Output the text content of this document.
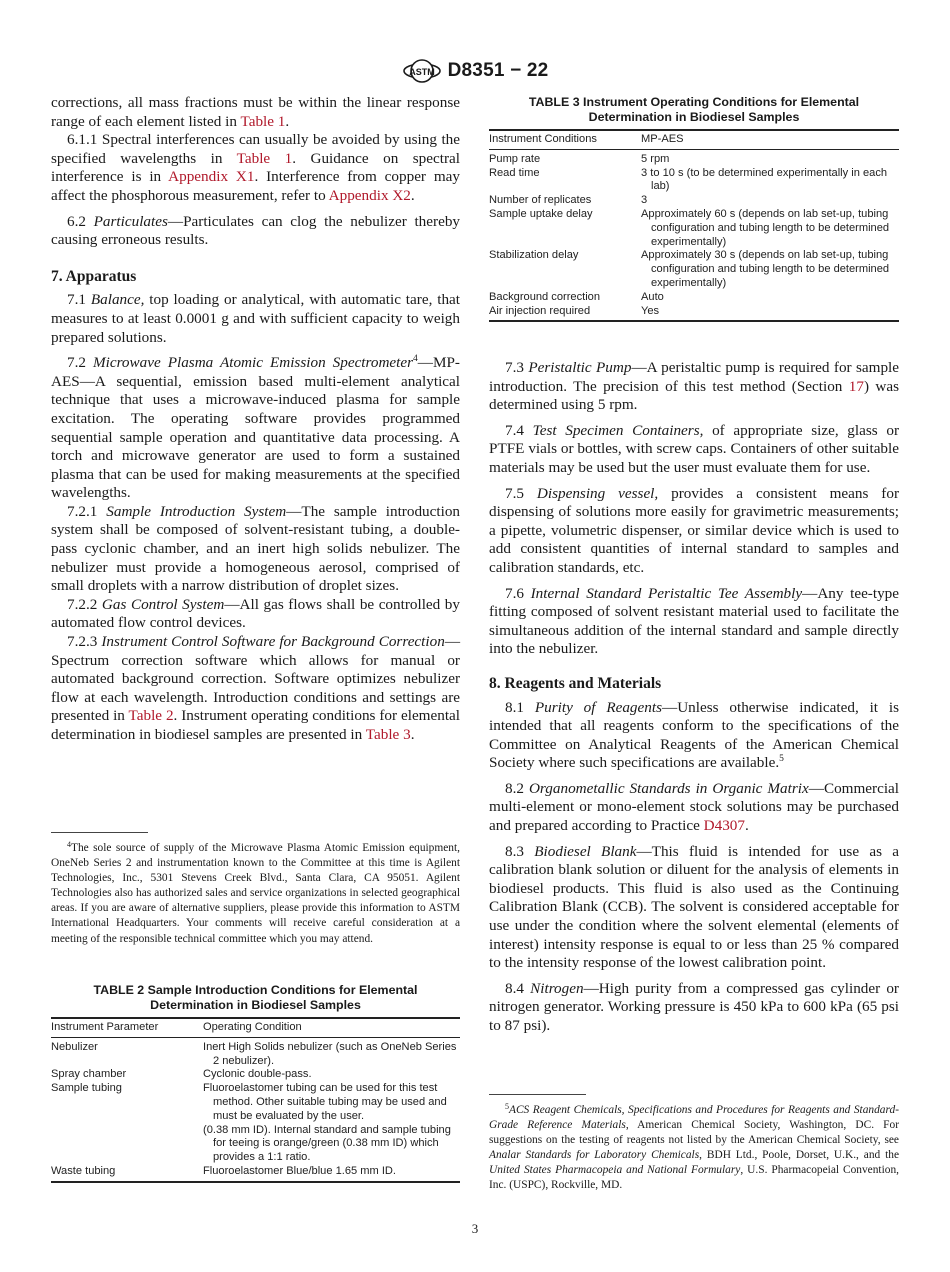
ASTM D8351 − 22

corrections, all mass fractions must be within the linear response range of each element listed in Table 1.

6.1.1 Spectral interferences can usually be avoided by using the specified wavelengths in Table 1. Guidance on spectral interference is in Appendix X1. Interference from copper may affect the phosphorous measurement, refer to Appendix X2.

6.2 Particulates—Particulates can clog the nebulizer thereby causing erroneous results.

7. Apparatus

7.1 Balance, top loading or analytical, with automatic tare, that measures to at least 0.0001 g and with sufficient capacity to weigh prepared solutions.

7.2 Microwave Plasma Atomic Emission Spectrometer$^4$—MP-AES—A sequential, emission based multi-element analytical technique that uses a microwave-induced plasma for sample excitation. The operating software provides programmed sequential sample operation and quantitative data processing. A torch and microwave generator are used to form a sustained plasma that can be used for making measurements at the specified wavelengths.

7.2.1 Sample Introduction System—The sample introduction system shall be composed of solvent-resistant tubing, a double-pass cyclonic chamber, and an inert high solids nebulizer. The nebulizer must provide a homogeneous aerosol, comprised of small droplets with a narrow distribution of droplet sizes.

7.2.2 Gas Control System—All gas flows shall be controlled by automated flow control devices.

7.2.3 Instrument Control Software for Background Correction—Spectrum correction software which allows for manual or automated background correction. Software optimizes nebulizer flow at each wavelength. Introduction conditions and settings are presented in Table 2. Instrument operating conditions for elemental determination in biodiesel samples are presented in Table 3.

$^4$The sole source of supply of the Microwave Plasma Atomic Emission equipment, OneNeb Series 2 and instrumentation known to the Committee at this time is Agilent Technologies, Inc., 5301 Stevens Creek Blvd., Santa Clara, CA 95051. Agilent Technologies also has authorized sales and service organizations in selected geographical areas. If you are aware of alternative suppliers, please provide this information to ASTM International Headquarters. Your comments will receive careful consideration at a meeting of the responsible technical committee which you may attend.

TABLE 2 Sample Introduction Conditions for Elemental Determination in Biodiesel Samples
Instrument Parameter	Operating Condition
Nebulizer	Inert High Solids nebulizer (such as OneNeb Series 2 nebulizer).

Spray chamber	Cyclonic double-pass.

Sample tubing	Fluoroelastomer tubing can be used for this test method. Other suitable tubing may be used and must be evaluated by the user.
(0.38 mm ID). Internal standard and sample tubing for teeing is orange/green (0.38 mm ID) which provides a 1:1 ratio.

Waste tubing	Fluoroelastomer Blue/blue 1.65 mm ID.

TABLE 3 Instrument Operating Conditions for Elemental Determination in Biodiesel Samples
Instrument Conditions	MP-AES
Pump rate	5 rpm

Read time	3 to 10 s (to be determined experimentally in each lab)

Number of replicates	3

Sample uptake delay	Approximately 60 s (depends on lab set-up, tubing configuration and tubing length to be determined experimentally)

Stabilization delay	Approximately 30 s (depends on lab set-up, tubing configuration and tubing length to be determined experimentally)

Background correction	Auto

Air injection required	Yes

7.3 Peristaltic Pump—A peristaltic pump is required for sample introduction. The precision of this test method (Section 17) was determined using 5 rpm.

7.4 Test Specimen Containers, of appropriate size, glass or PTFE vials or bottles, with screw caps. Containers of other suitable materials may be used but the user must evaluate them for use.

7.5 Dispensing vessel, provides a consistent means for dispensing of solutions more easily for gravimetric measurements; a pipette, volumetric dispenser, or similar device which is used to add consistent quantities of internal standard to samples and calibration standards, etc.

7.6 Internal Standard Peristaltic Tee Assembly—Any tee-type fitting composed of solvent resistant material used to facilitate the simultaneous addition of the internal standard and sample directly into the nebulizer.

8. Reagents and Materials

8.1 Purity of Reagents—Unless otherwise indicated, it is intended that all reagents conform to the specifications of the Committee on Analytical Reagents of the American Chemical Society where such specifications are available.$^5$

8.2 Organometallic Standards in Organic Matrix—Commercial multi-element or mono-element stock solutions may be purchased and prepared according to Practice D4307.

8.3 Biodiesel Blank—This fluid is intended for use as a calibration blank solution or diluent for the analysis of elements in biodiesel products. This fluid is also used as the Continuing Calibration Blank (CCB). The solvent is considered acceptable for use under the condition where the solvent elemental (elements of interest) intensity response is equal to or less than 25 % compared to the intensity response of the lowest calibration point.

8.4 Nitrogen—High purity from a compressed gas cylinder or nitrogen generator. Working pressure is 450 kPa to 600 kPa (65 psi to 87 psi).

$^5$ACS Reagent Chemicals, Specifications and Procedures for Reagents and Standard-Grade Reference Materials, American Chemical Society, Washington, DC. For suggestions on the testing of reagents not listed by the American Chemical Society, see Analar Standards for Laboratory Chemicals, BDH Ltd., Poole, Dorset, U.K., and the United States Pharmacopeia and National Formulary, U.S. Pharmacopeial Convention, Inc. (USPC), Rockville, MD.

3
